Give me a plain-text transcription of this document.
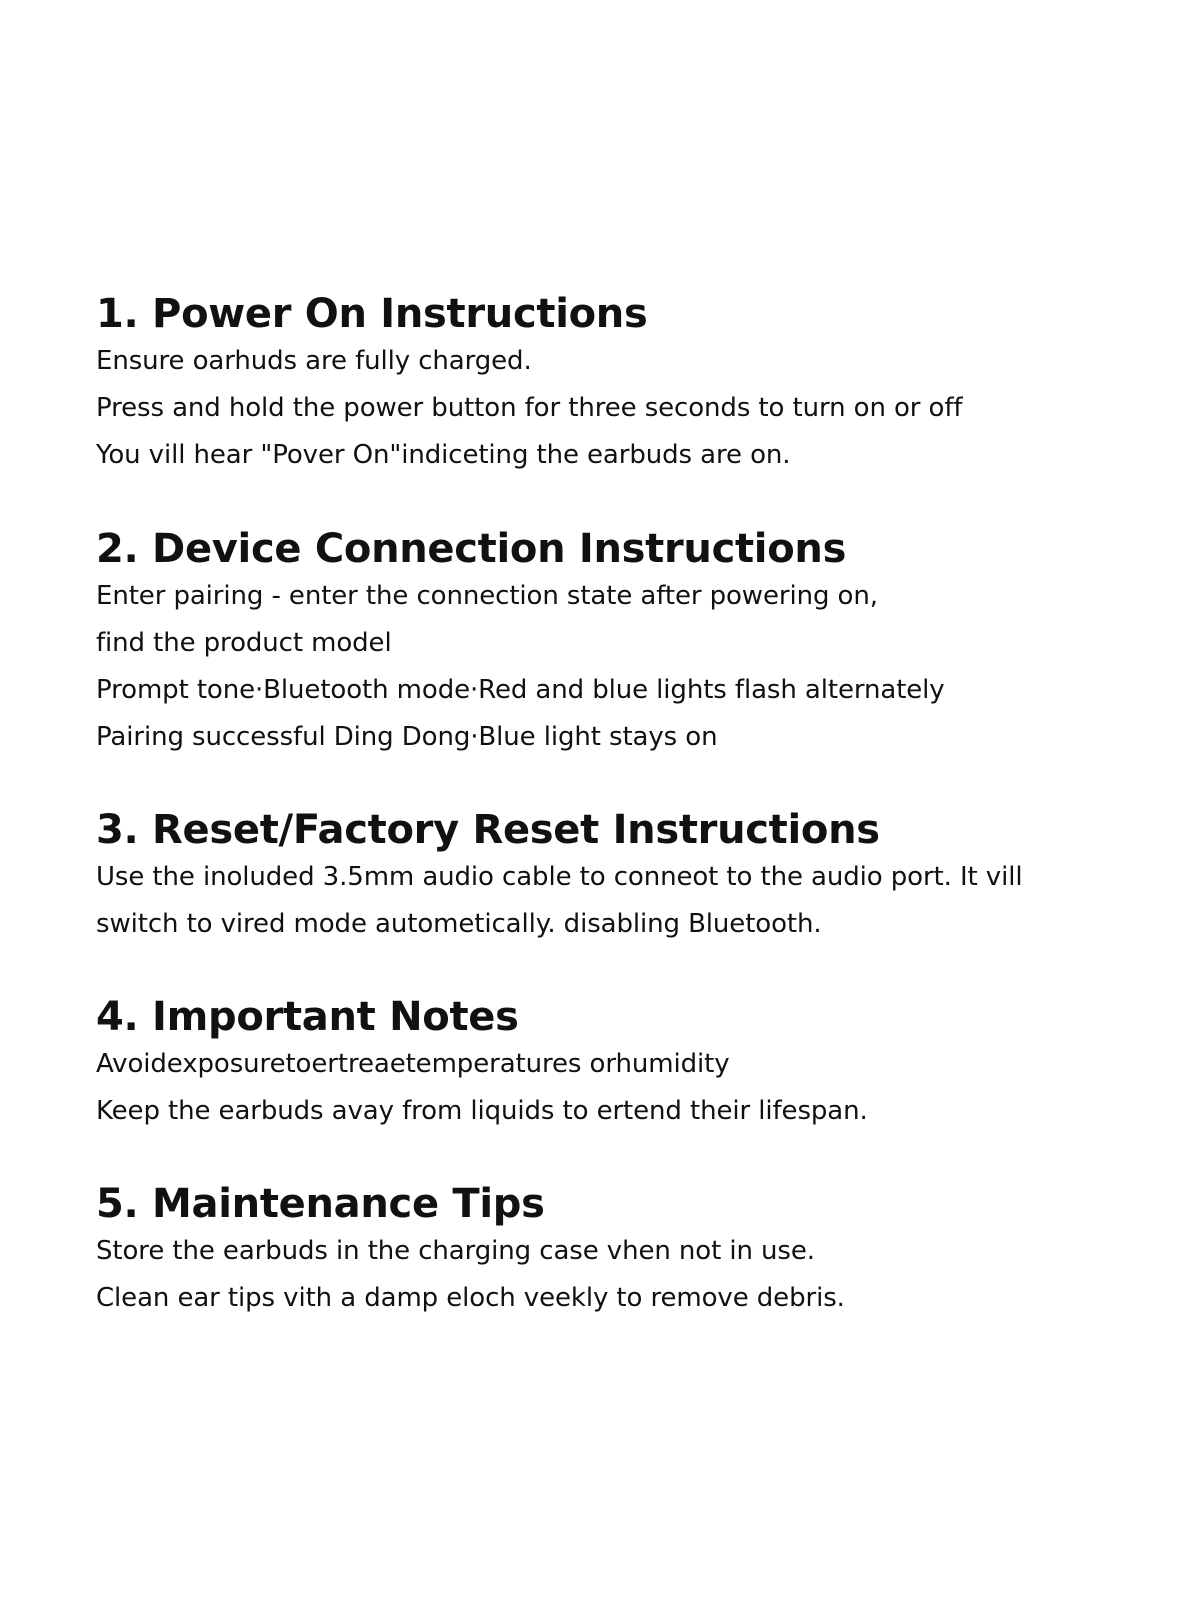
1. Power On Instructions

Ensure oarhuds are fully charged.

Press and hold the power button for three seconds to turn on or off

You vill hear "Pover On"indiceting the earbuds are on.

2. Device Connection Instructions

Enter pairing - enter the connection state after powering on,

find the product model

Prompt tone·Bluetooth mode·Red and blue lights flash alternately

Pairing successful Ding Dong·Blue light stays on

3. Reset/Factory Reset Instructions

Use the inoluded 3.5mm audio cable to conneot to the audio port. It vill

switch to vired mode autometically. disabling Bluetooth.

4. Important Notes

Avoidexposuretoertreaetemperatures orhumidity

Keep the earbuds avay from liquids to ertend their lifespan.

5. Maintenance Tips

Store the earbuds in the charging case vhen not in use.

Clean ear tips vith a damp eloch veekly to remove debris.
